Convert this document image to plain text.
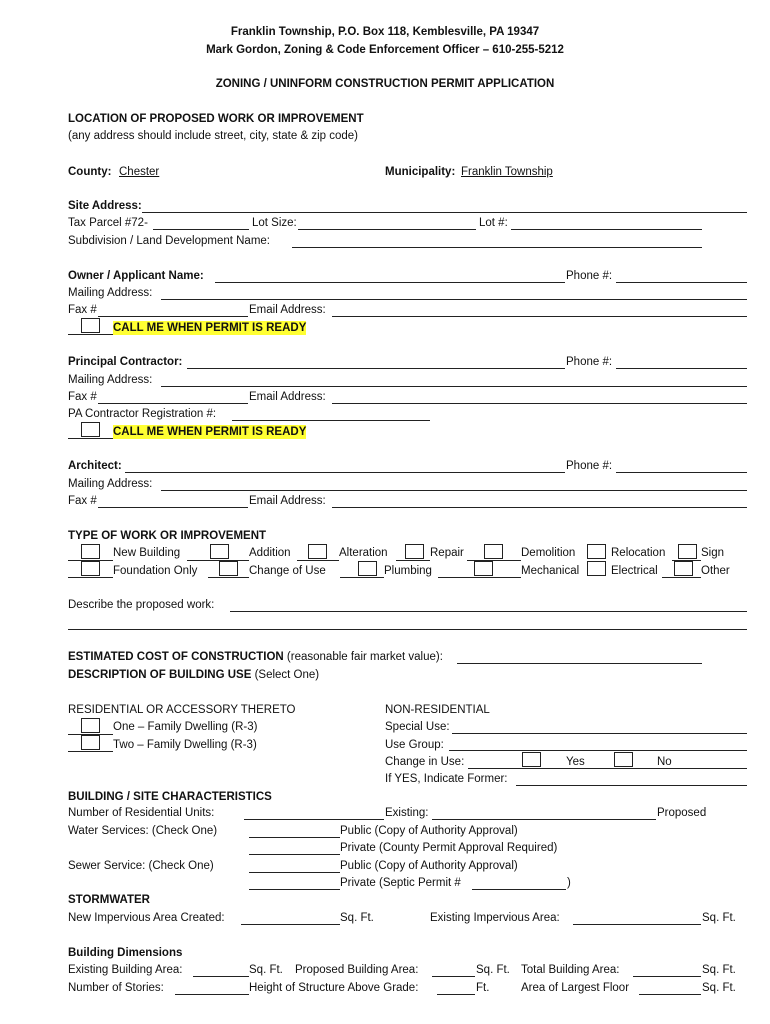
Franklin Township, P.O. Box 118, Kemblesville, PA 19347
Mark Gordon, Zoning & Code Enforcement Officer – 610-255-5212
ZONING / UNINFORM CONSTRUCTION PERMIT APPLICATION
LOCATION OF PROPOSED WORK OR IMPROVEMENT
(any address should include street, city, state & zip code)
County: Chester	Municipality: Franklin Township
Site Address:
Tax Parcel #72-	Lot Size:	Lot #:
Subdivision / Land Development Name:
Owner / Applicant Name:	Phone #:
Mailing Address:
Fax #	Email Address:
CALL ME WHEN PERMIT IS READY
Principal Contractor:	Phone #:
Mailing Address:
Fax #	Email Address:
PA Contractor Registration #:
CALL ME WHEN PERMIT IS READY
Architect:	Phone #:
Mailing Address:
Fax #	Email Address:
TYPE OF WORK OR IMPROVEMENT
New Building	Addition	Alteration	Repair	Demolition	Relocation	Sign
Foundation Only	Change of Use	Plumbing	Mechanical	Electrical	Other
Describe the proposed work:
ESTIMATED COST OF CONSTRUCTION (reasonable fair market value):
DESCRIPTION OF BUILDING USE (Select One)
RESIDENTIAL OR ACCESSORY THERETO
One – Family Dwelling (R-3)
Two – Family Dwelling (R-3)
NON-RESIDENTIAL
Special Use:
Use Group:
Change in Use:	Yes	No
If YES, Indicate Former:
BUILDING / SITE CHARACTERISTICS
Number of Residential Units:	Existing:	Proposed
Water Services: (Check One)	Public (Copy of Authority Approval)
Private (County Permit Approval Required)
Sewer Service: (Check One)	Public (Copy of Authority Approval)
Private (Septic Permit #	)
STORMWATER
New Impervious Area Created:	Sq. Ft.	Existing Impervious Area:	Sq. Ft.
Building Dimensions
Existing Building Area:	Sq. Ft. Proposed Building Area:	Sq. Ft. Total Building Area:	Sq. Ft.
Number of Stories:	Height of Structure Above Grade:	Ft.	Area of Largest Floor	Sq. Ft.
